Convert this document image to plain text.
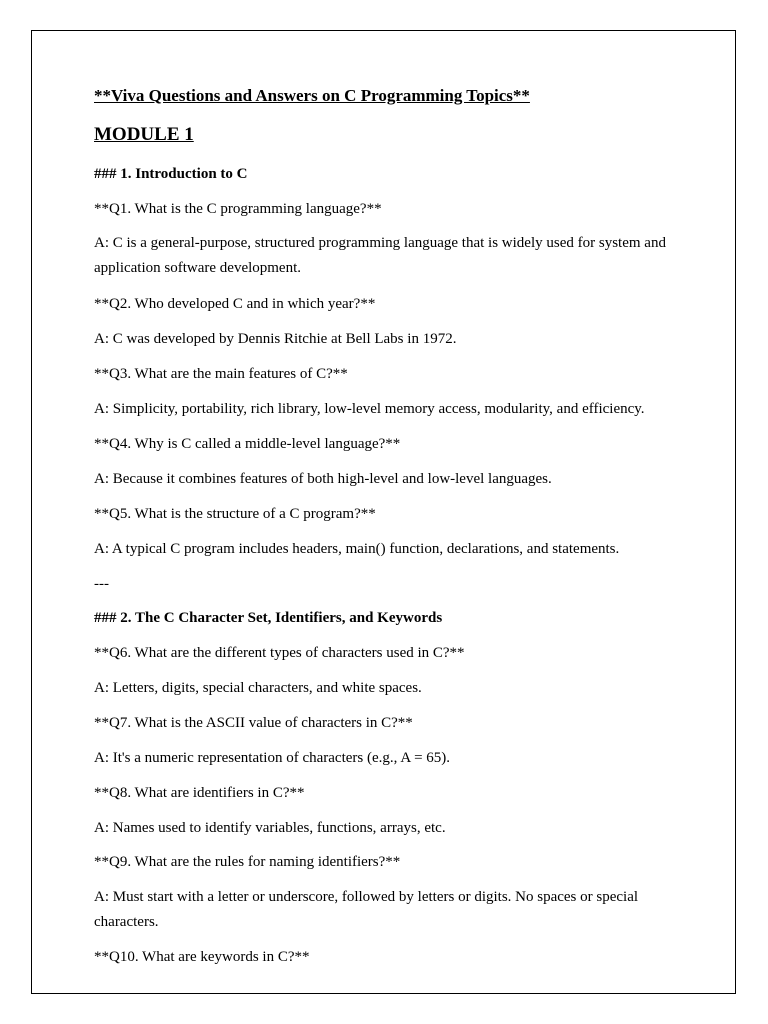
**Viva Questions and Answers on C Programming Topics**
MODULE 1
### 1. Introduction to C
**Q1. What is the C programming language?**
A: C is a general-purpose, structured programming language that is widely used for system and application software development.
**Q2. Who developed C and in which year?**
A: C was developed by Dennis Ritchie at Bell Labs in 1972.
**Q3. What are the main features of C?**
A: Simplicity, portability, rich library, low-level memory access, modularity, and efficiency.
**Q4. Why is C called a middle-level language?**
A: Because it combines features of both high-level and low-level languages.
**Q5. What is the structure of a C program?**
A: A typical C program includes headers, main() function, declarations, and statements.
---
### 2. The C Character Set, Identifiers, and Keywords
**Q6. What are the different types of characters used in C?**
A: Letters, digits, special characters, and white spaces.
**Q7. What is the ASCII value of characters in C?**
A: It's a numeric representation of characters (e.g., A = 65).
**Q8. What are identifiers in C?**
A: Names used to identify variables, functions, arrays, etc.
**Q9. What are the rules for naming identifiers?**
A: Must start with a letter or underscore, followed by letters or digits. No spaces or special characters.
**Q10. What are keywords in C?**
